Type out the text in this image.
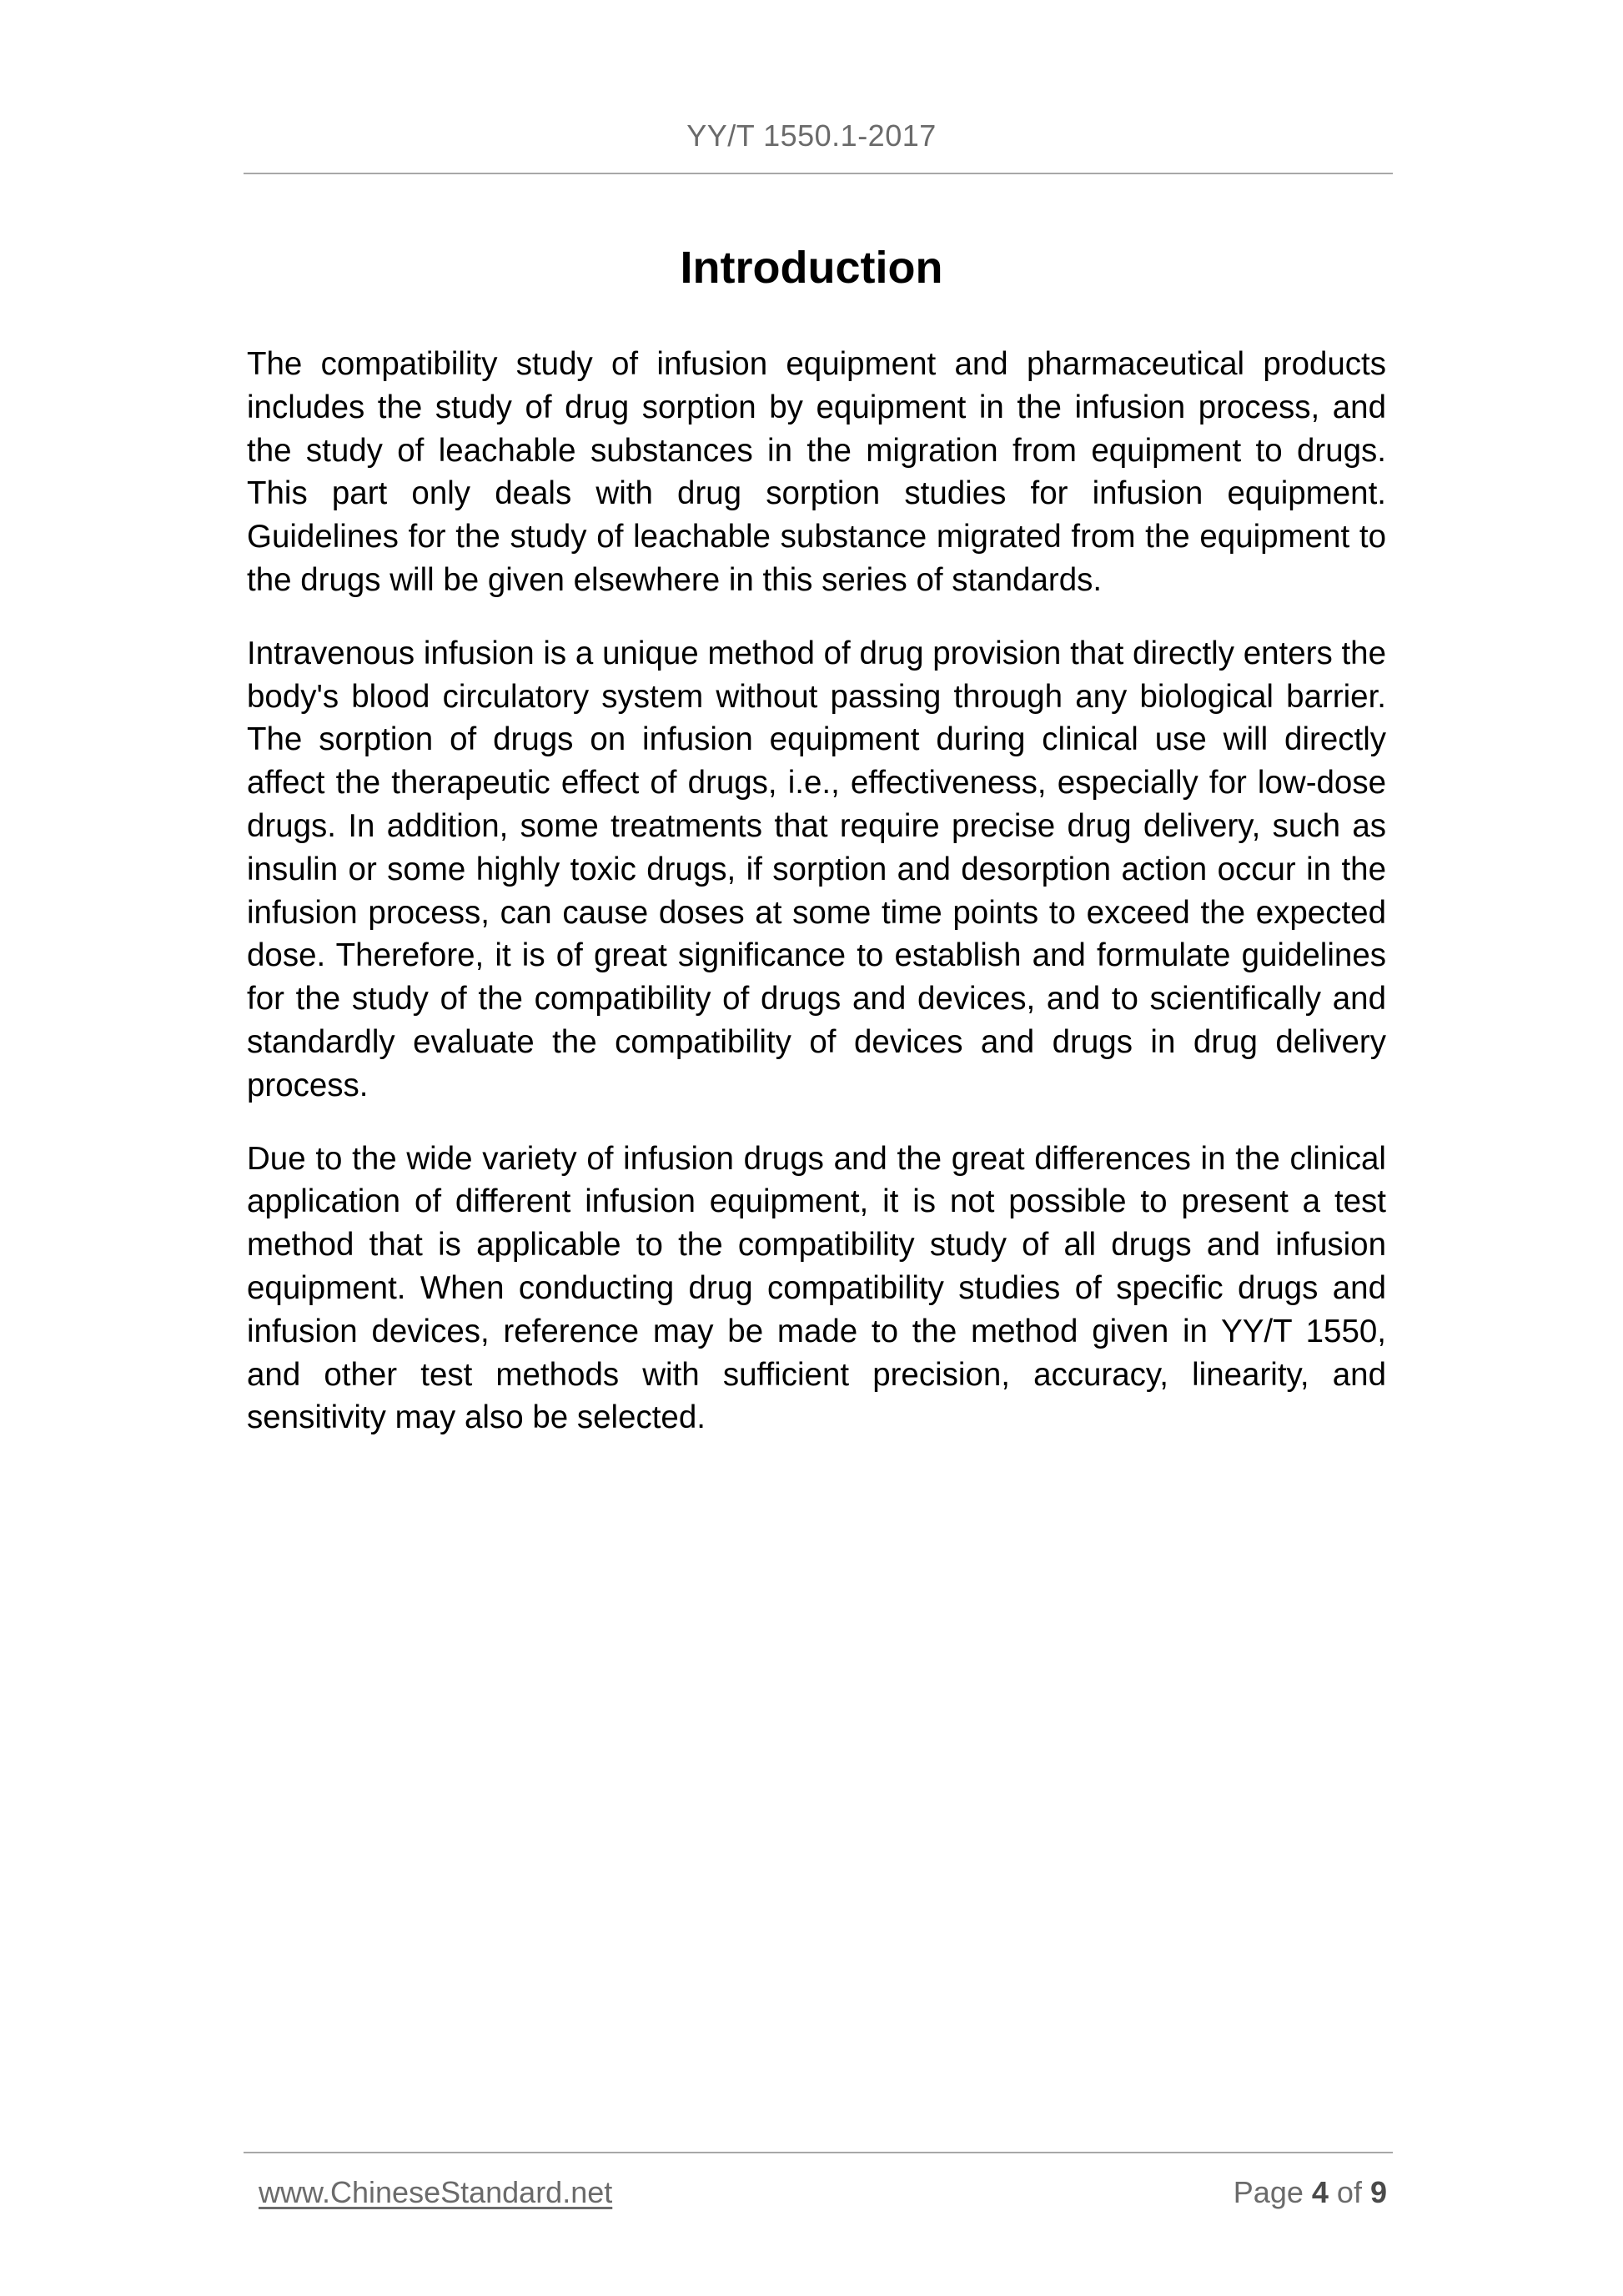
YY/T 1550.1-2017
Introduction

The compatibility study of infusion equipment and pharmaceutical products includes the study of drug sorption by equipment in the infusion process, and the study of leachable substances in the migration from equipment to drugs. This part only deals with drug sorption studies for infusion equipment. Guidelines for the study of leachable substance migrated from the equipment to the drugs will be given elsewhere in this series of standards.

Intravenous infusion is a unique method of drug provision that directly enters the body's blood circulatory system without passing through any biological barrier. The sorption of drugs on infusion equipment during clinical use will directly affect the therapeutic effect of drugs, i.e., effectiveness, especially for low-dose drugs. In addition, some treatments that require precise drug delivery, such as insulin or some highly toxic drugs, if sorption and desorption action occur in the infusion process, can cause doses at some time points to exceed the expected dose. Therefore, it is of great significance to establish and formulate guidelines for the study of the compatibility of drugs and devices, and to scientifically and standardly evaluate the compatibility of devices and drugs in drug delivery process.

Due to the wide variety of infusion drugs and the great differences in the clinical application of different infusion equipment, it is not possible to present a test method that is applicable to the compatibility study of all drugs and infusion equipment. When conducting drug compatibility studies of specific drugs and infusion devices, reference may be made to the method given in YY/T 1550, and other test methods with sufficient precision, accuracy, linearity, and sensitivity may also be selected.

www.ChineseStandard.net	Page 4 of 9
